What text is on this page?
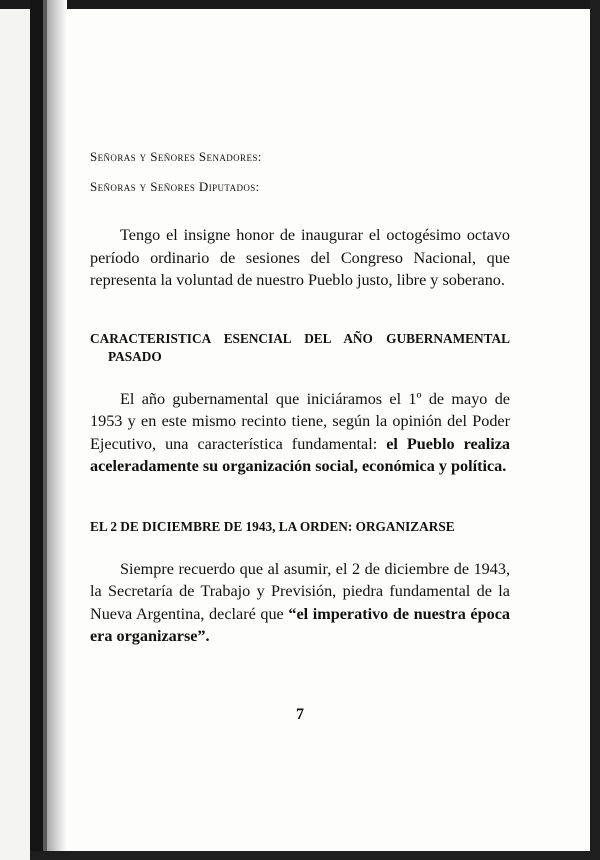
Señoras y Señores Senadores:

Señoras y Señores Diputados:

Tengo el insigne honor de inaugurar el octogésimo octavo período ordinario de sesiones del Congreso Nacional, que representa la voluntad de nuestro Pueblo justo, libre y soberano.

CARACTERISTICA ESENCIAL DEL AÑO GUBERNAMENTAL PASADO

El año gubernamental que iniciáramos el 1º de mayo de 1953 y en este mismo recinto tiene, según la opinión del Poder Ejecutivo, una característica fundamental: el Pueblo realiza aceleradamente su organización social, económica y política.

EL 2 DE DICIEMBRE DE 1943, LA ORDEN: ORGANIZARSE

Siempre recuerdo que al asumir, el 2 de diciembre de 1943, la Secretaría de Trabajo y Previsión, piedra fundamental de la Nueva Argentina, declaré que “el imperativo de nuestra época era organizarse”.

7
